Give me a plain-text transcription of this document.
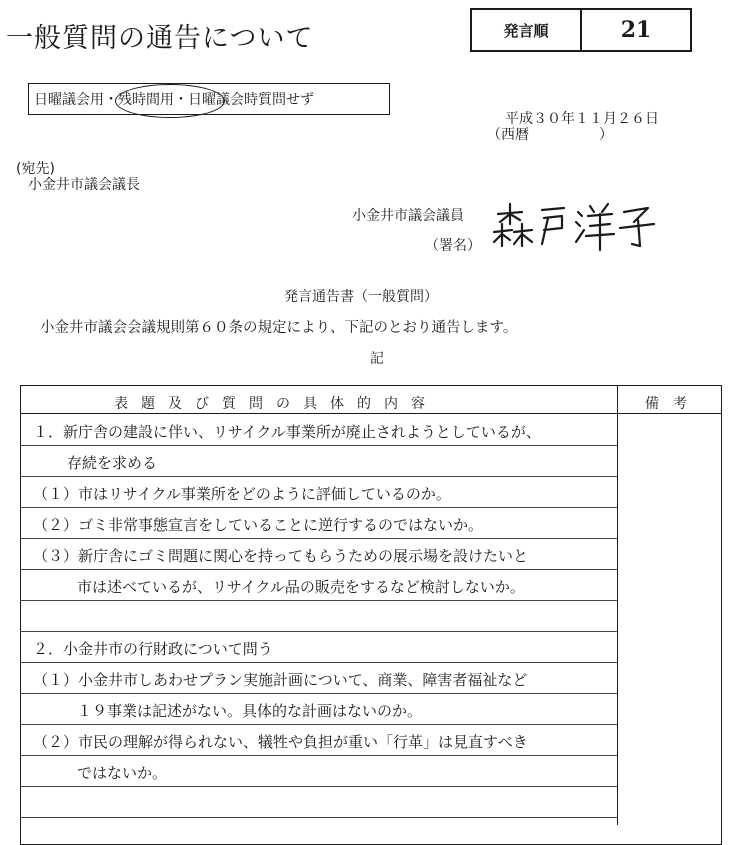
一般質問の通告について	発言順	21
日曜議会用・残時間用・日曜議会時質問せず
平成３０年１１月２６日
（西暦　　　　　）
(宛先)
小金井市議会議長
小金井市議会議員
（署名）
発言通告書（一般質問）
小金井市議会会議規則第６０条の規定により、下記のとおり通告します。
記
表題及び質問の具体的内容	備考
１．新庁舎の建設に伴い、リサイクル事業所が廃止されようとしているが、
存続を求める
（１）市はリサイクル事業所をどのように評価しているのか。
（２）ゴミ非常事態宣言をしていることに逆行するのではないか。
（３）新庁舎にゴミ問題に関心を持ってもらうための展示場を設けたいと
市は述べているが、リサイクル品の販売をするなど検討しないか。
２．小金井市の行財政について問う
（１）小金井市しあわせプラン実施計画について、商業、障害者福祉など
１９事業は記述がない。具体的な計画はないのか。
（２）市民の理解が得られない、犠牲や負担が重い「行革」は見直すべき
ではないか。
